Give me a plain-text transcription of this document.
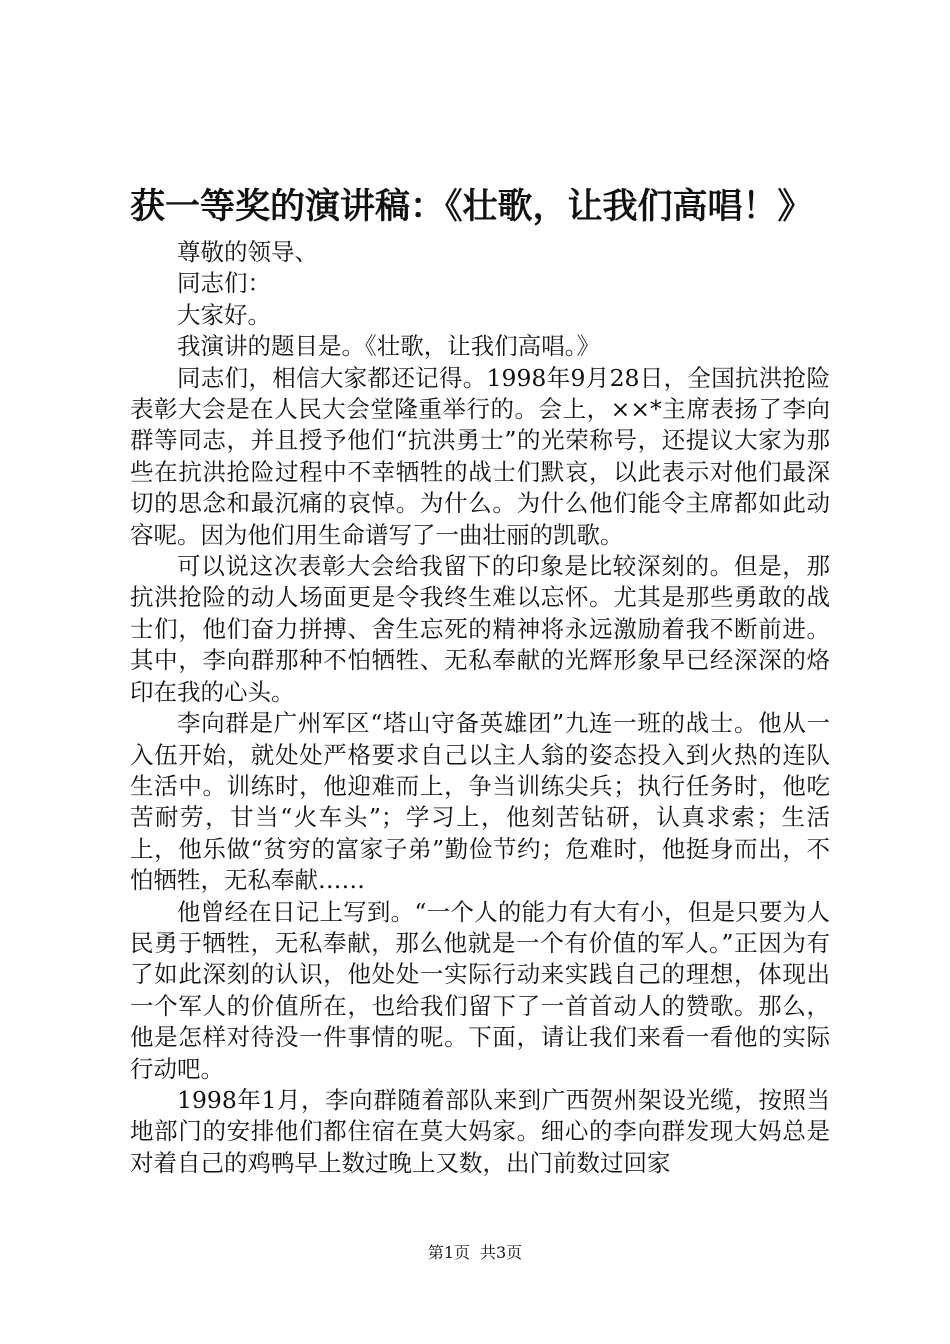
获一等奖的演讲稿：《壮歌，让我们高唱！》

尊敬的领导、

同志们：

大家好。

我演讲的题目是。《壮歌，让我们高唱。》

同志们，相信大家都还记得。1998年9月28日，全国抗洪抢险表彰大会是在人民大会堂隆重举行的。会上，××*主席表扬了李向群等同志，并且授予他们“抗洪勇士”的光荣称号，还提议大家为那些在抗洪抢险过程中不幸牺牲的战士们默哀，以此表示对他们最深切的思念和最沉痛的哀悼。为什么。为什么他们能令主席都如此动容呢。因为他们用生命谱写了一曲壮丽的凯歌。

可以说这次表彰大会给我留下的印象是比较深刻的。但是，那抗洪抢险的动人场面更是令我终生难以忘怀。尤其是那些勇敢的战士们，他们奋力拼搏、舍生忘死的精神将永远激励着我不断前进。其中，李向群那种不怕牺牲、无私奉献的光辉形象早已经深深的烙印在我的心头。

李向群是广州军区“塔山守备英雄团”九连一班的战士。他从一入伍开始，就处处严格要求自己以主人翁的姿态投入到火热的连队生活中。训练时，他迎难而上，争当训练尖兵；执行任务时，他吃苦耐劳，甘当“火车头”；学习上，他刻苦钻研，认真求索；生活上，他乐做“贫穷的富家子弟”勤俭节约；危难时，他挺身而出，不怕牺牲，无私奉献……

他曾经在日记上写到。“一个人的能力有大有小，但是只要为人民勇于牺牲，无私奉献，那么他就是一个有价值的军人。”正因为有了如此深刻的认识，他处处一实际行动来实践自己的理想，体现出一个军人的价值所在，也给我们留下了一首首动人的赞歌。那么，他是怎样对待没一件事情的呢。下面，请让我们来看一看他的实际行动吧。

1998年1月，李向群随着部队来到广西贺州架设光缆，按照当地部门的安排他们都住宿在莫大妈家。细心的李向群发现大妈总是对着自己的鸡鸭早上数过晚上又数，出门前数过回家

第1页 共3页
